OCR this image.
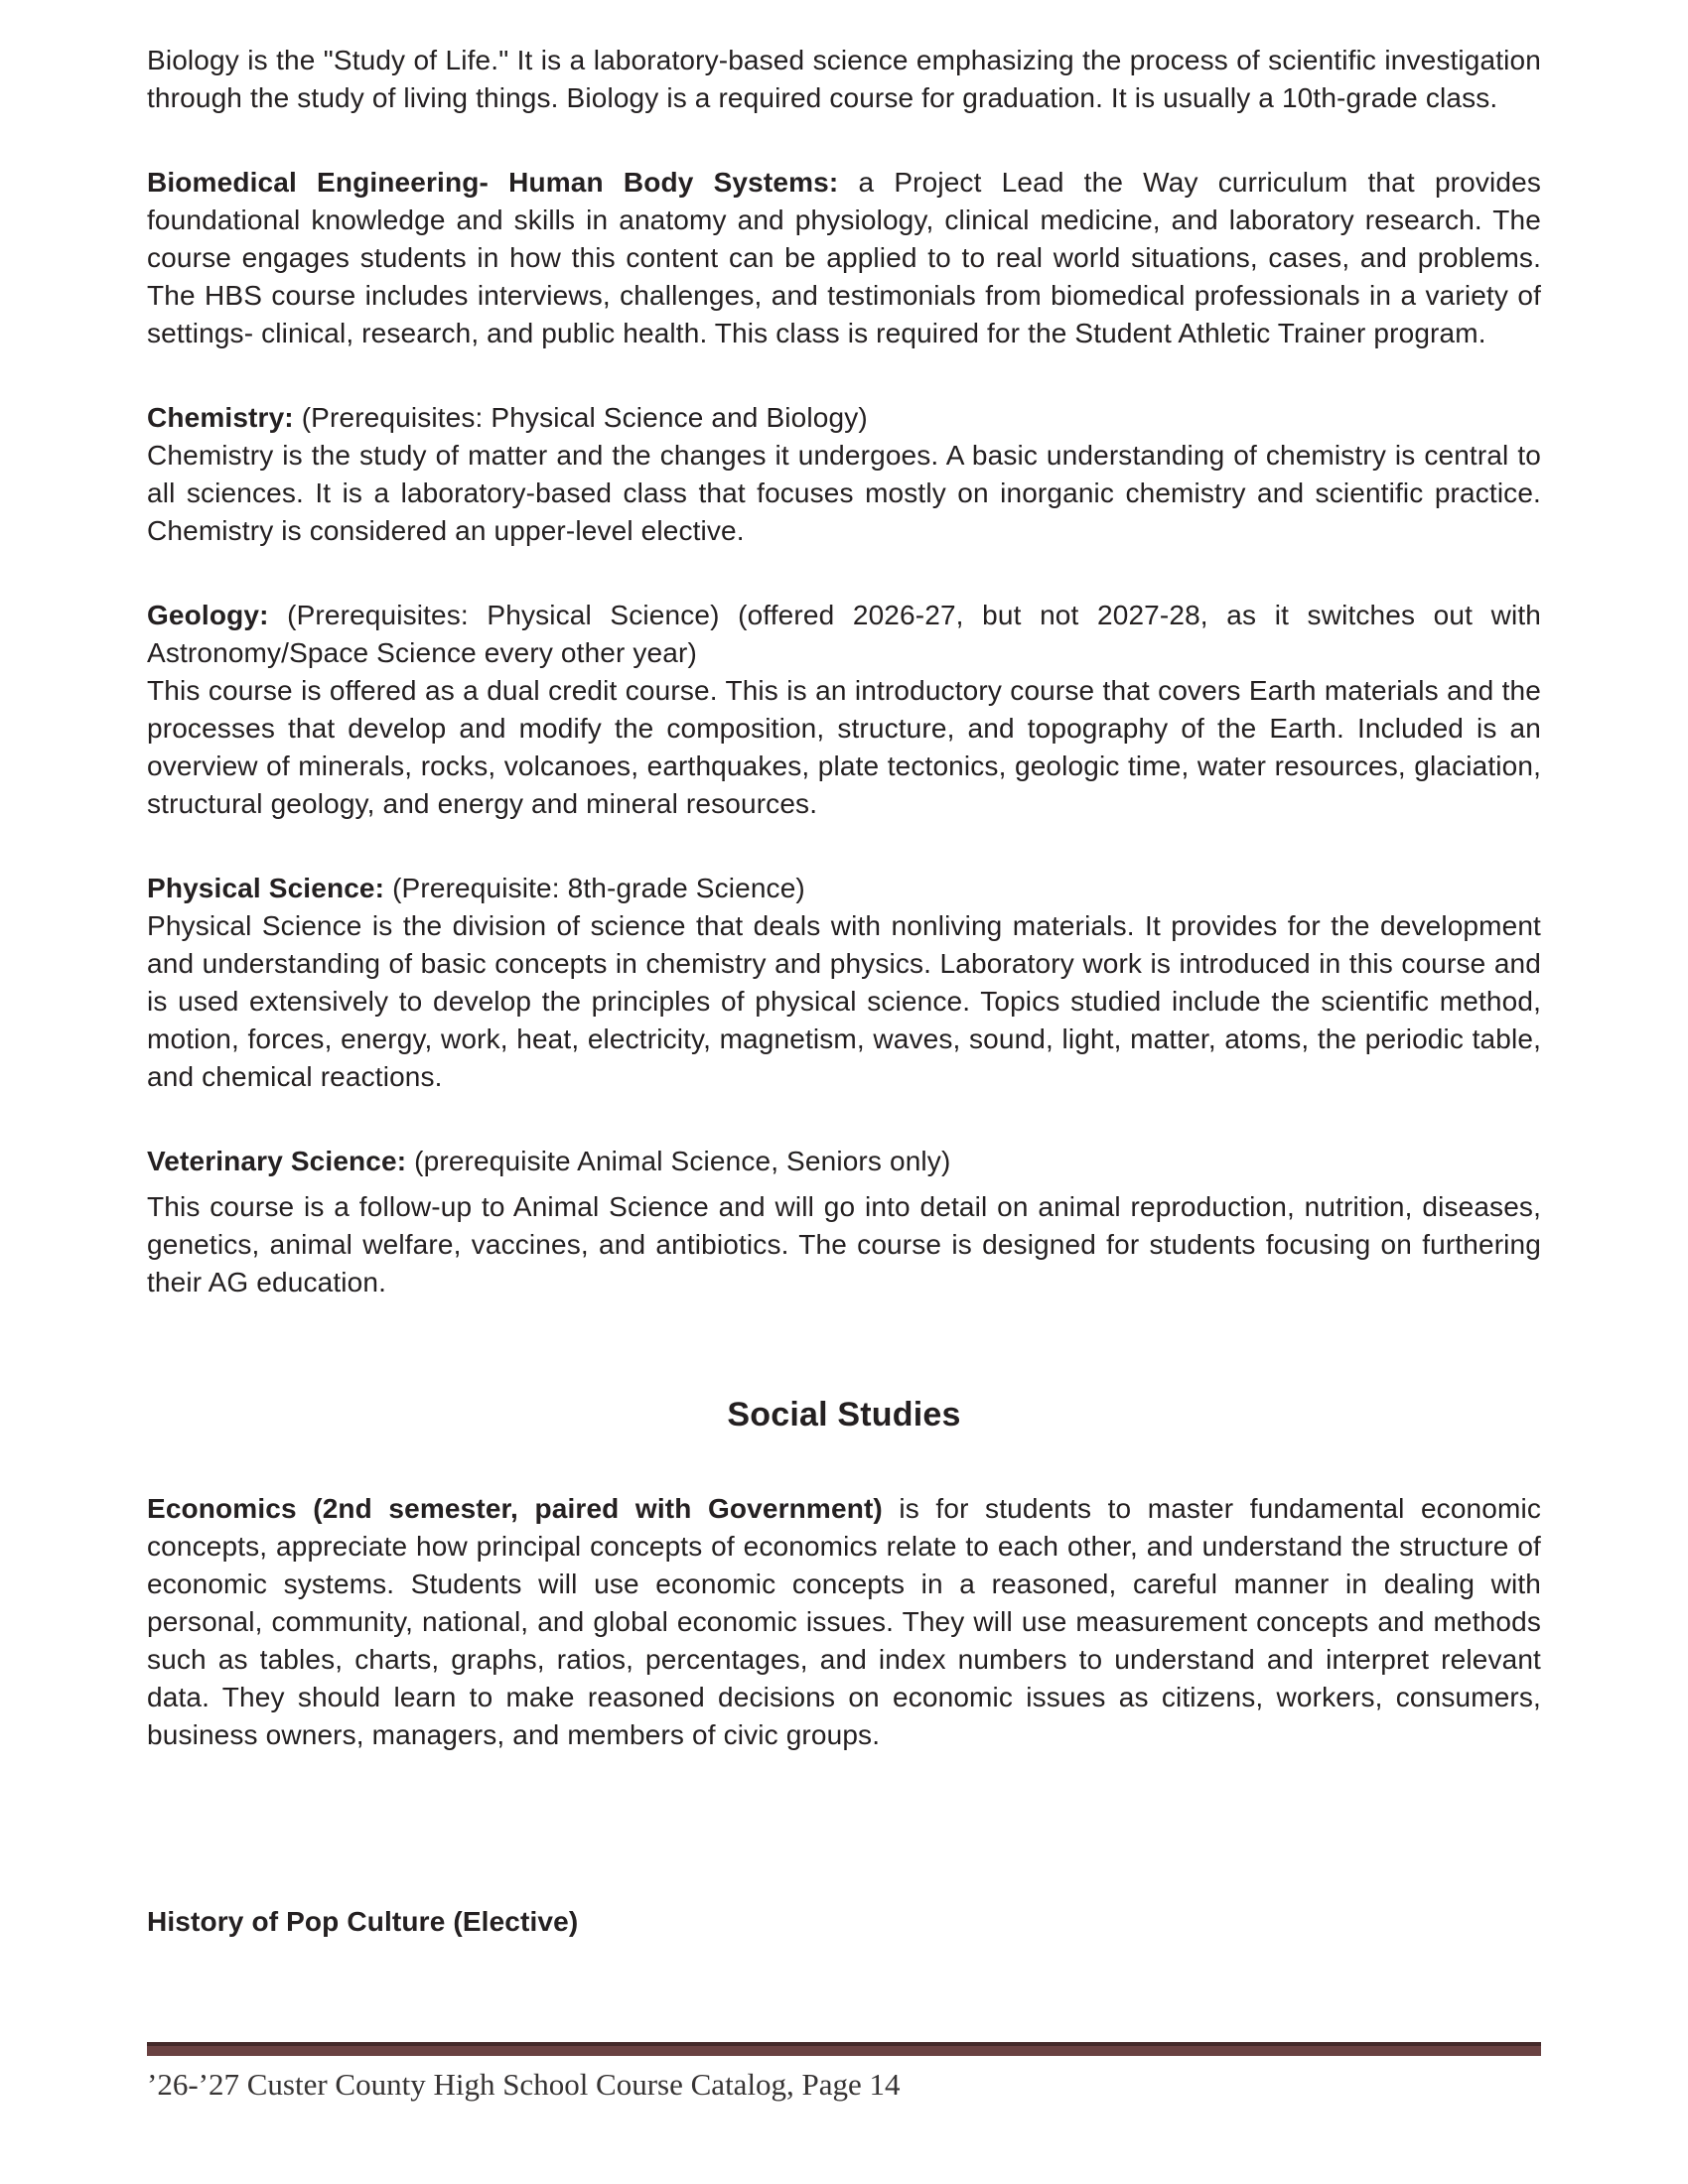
Biology is the "Study of Life." It is a laboratory-based science emphasizing the process of scientific investigation through the study of living things. Biology is a required course for graduation. It is usually a 10th-grade class.

Biomedical Engineering- Human Body Systems: a Project Lead the Way curriculum that provides foundational knowledge and skills in anatomy and physiology, clinical medicine, and laboratory research. The course engages students in how this content can be applied to to real world situations, cases, and problems. The HBS course includes interviews, challenges, and testimonials from biomedical professionals in a variety of settings- clinical, research, and public health. This class is required for the Student Athletic Trainer program.

Chemistry: (Prerequisites: Physical Science and Biology)

Chemistry is the study of matter and the changes it undergoes. A basic understanding of chemistry is central to all sciences. It is a laboratory-based class that focuses mostly on inorganic chemistry and scientific practice. Chemistry is considered an upper-level elective.

Geology: (Prerequisites: Physical Science) (offered 2026-27, but not 2027-28, as it switches out with Astronomy/Space Science every other year)

This course is offered as a dual credit course. This is an introductory course that covers Earth materials and the processes that develop and modify the composition, structure, and topography of the Earth. Included is an overview of minerals, rocks, volcanoes, earthquakes, plate tectonics, geologic time, water resources, glaciation, structural geology, and energy and mineral resources.

Physical Science: (Prerequisite: 8th-grade Science)

Physical Science is the division of science that deals with nonliving materials. It provides for the development and understanding of basic concepts in chemistry and physics. Laboratory work is introduced in this course and is used extensively to develop the principles of physical science. Topics studied include the scientific method, motion, forces, energy, work, heat, electricity, magnetism, waves, sound, light, matter, atoms, the periodic table, and chemical reactions.

Veterinary Science: (prerequisite Animal Science, Seniors only)

This course is a follow-up to Animal Science and will go into detail on animal reproduction, nutrition, diseases, genetics, animal welfare, vaccines, and antibiotics. The course is designed for students focusing on furthering their AG education.

Social Studies

Economics (2nd semester, paired with Government) is for students to master fundamental economic concepts, appreciate how principal concepts of economics relate to each other, and understand the structure of economic systems. Students will use economic concepts in a reasoned, careful manner in dealing with personal, community, national, and global economic issues. They will use measurement concepts and methods such as tables, charts, graphs, ratios, percentages, and index numbers to understand and interpret relevant data. They should learn to make reasoned decisions on economic issues as citizens, workers, consumers, business owners, managers, and members of civic groups.

History of Pop Culture (Elective)

’26-’27 Custer County High School Course Catalog, Page 14
